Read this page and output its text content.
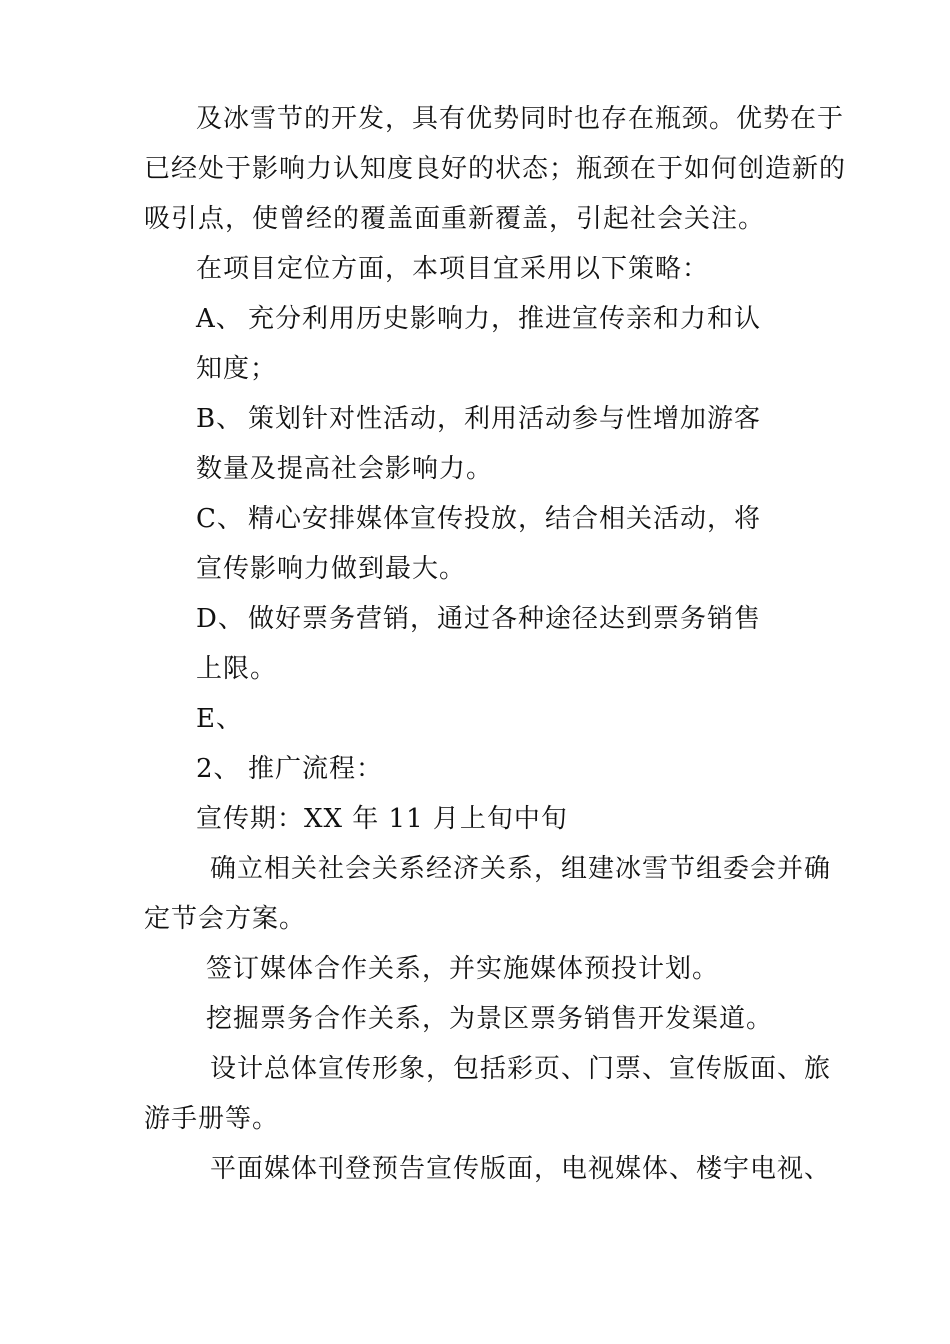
及冰雪节的开发，具有优势同时也存在瓶颈。优势在于
已经处于影响力认知度良好的状态；瓶颈在于如何创造新的
吸引点，使曾经的覆盖面重新覆盖，引起社会关注。
在项目定位方面，本项目宜采用以下策略：
A、 充分利用历史影响力，推进宣传亲和力和认
知度；
B、 策划针对性活动，利用活动参与性增加游客
数量及提高社会影响力。
C、 精心安排媒体宣传投放，结合相关活动，将
宣传影响力做到最大。
D、 做好票务营销，通过各种途径达到票务销售
上限。
E、
2、 推广流程：
宣传期：XX 年 11 月上旬中旬
确立相关社会关系经济关系，组建冰雪节组委会并确
定节会方案。
签订媒体合作关系，并实施媒体预投计划。
挖掘票务合作关系，为景区票务销售开发渠道。
设计总体宣传形象，包括彩页、门票、宣传版面、旅
游手册等。
平面媒体刊登预告宣传版面，电视媒体、楼宇电视、
